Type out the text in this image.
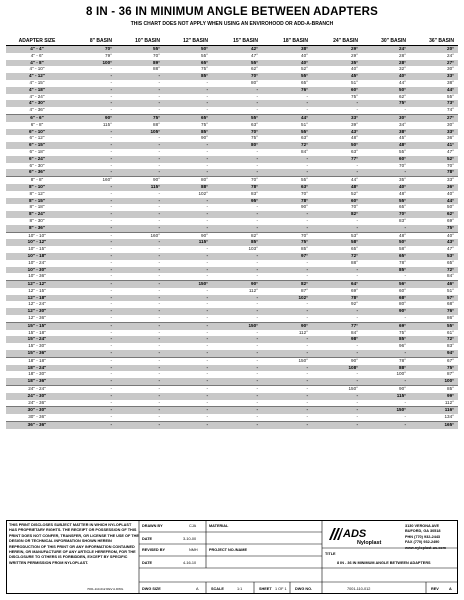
8 IN - 36 IN MINIMUM ANGLE BETWEEN ADAPTERS
THIS CHART DOES NOT APPLY WHEN USING AN ENVIROHOOD OR ADD-A-BRANCH
ADAPTER SIZE	8" BASIN	10" BASIN	12" BASIN	15" BASIN	18" BASIN	24" BASIN	30" BASIN	36" BASIN
4" - 4"	70°	55°	50°	42°	38°	29°	24°	20°
4" - 6"	79°	70°	55°	47°	40°	29°	28°	24°
4" - 8"	100°	89°	65°	55°	40°	35°	28°	27°
4" - 10"	-	88°	75°	62°	52°	40°	32°	30°
4" - 12"	-	-	85°	70°	55°	45°	40°	33°
4" - 15"	-	-	-	80°	65°	51°	44°	38°
4" - 18"	-	-	-	-	76°	60°	50°	44°
4" - 24"	-	-	-	-	-	75°	62°	55°
4" - 30"	-	-	-	-	-	-	75°	73°
4" - 36"	-	-	-	-	-	-	-	74°
6" - 6"	90°	75°	65°	55°	44°	33°	30°	27°
6" - 8"	115°	88°	75°	63°	51°	39°	34°	30°
6" - 10"	-	105°	85°	70°	55°	43°	38°	33°
6" - 12"	-	-	90°	75°	63°	48°	45°	36°
6" - 15"	-	-	-	80°	72°	50°	48°	41°
6" - 18"	-	-	-	-	84°	63°	55°	47°
6" - 24"	-	-	-	-	-	77°	60°	52°
6" - 30"	-	-	-	-	-	-	70°	70°
6" - 36"	-	-	-	-	-	-	-	78°
8" - 8"	160°	90°	80°	70°	55°	44°	35°	33°
8" - 10"	-	115°	88°	78°	63°	48°	40°	36°
8" - 12"	-	-	102°	83°	70°	52°	48°	40°
8" - 15"	-	-	-	95°	78°	60°	55°	44°
8" - 18"	-	-	-	-	90°	70°	65°	50°
8" - 24"	-	-	-	-	-	82°	70°	62°
8" - 30"	-	-	-	-	-	-	83°	69°
8" - 36"	-	-	-	-	-	-	-	75°
10" - 10"	-	160°	90°	82°	70°	53°	48°	40°
10" - 12"	-	-	115°	85°	75°	58°	50°	43°
10" - 15"	-	-	-	103°	85°	65°	58°	47°
10" - 18"	-	-	-	-	97°	72°	65°	53°
10" - 24"	-	-	-	-	-	88°	78°	65°
10" - 30"	-	-	-	-	-	-	85°	72°
10" - 36"	-	-	-	-	-	-	-	84°
12" - 12"	-	-	150°	90°	82°	64°	56°	46°
12" - 15"	-	-	-	112°	87°	69°	60°	51°
12" - 18"	-	-	-	-	102°	78°	68°	57°
12" - 24"	-	-	-	-	-	92°	80°	68°
12" - 30"	-	-	-	-	-	-	90°	76°
12" - 36"	-	-	-	-	-	-	-	86°
15" - 15"	-	-	-	150°	90°	77°	69°	55°
15" - 18"	-	-	-	-	112°	84°	75°	61°
15" - 24"	-	-	-	-	-	98°	85°	72°
15" - 30"	-	-	-	-	-	-	96°	83°
15" - 36"	-	-	-	-	-	-	-	94°
18" - 18"	-	-	-	-	150°	90°	78°	67°
18" - 24"	-	-	-	-	-	108°	88°	75°
18" - 30"	-	-	-	-	-	-	100°	87°
18" - 36"	-	-	-	-	-	-	-	100°
24" - 24"	-	-	-	-	-	150°	90°	85°
24" - 30"	-	-	-	-	-	-	115°	99°
24" - 36"	-	-	-	-	-	-	-	112°
30" - 30"	-	-	-	-	-	-	150°	116°
30" - 36"	-	-	-	-	-	-	-	134°
36" - 36"	-	-	-	-	-	-	-	165°
THIS PRINT DISCLOSES SUBJECT MATTER IN WHICH NYLOPLAST HAS PROPRIETARY RIGHTS. THE RECEIPT OR POSSESSION OF THIS PRINT DOES NOT CONFER, TRANSFER, OR LICENSE THE USE OF THE DESIGN OR TECHNICAL INFORMATION SHOWN HEREIN REPRODUCTION OF THIS PRINT OR ANY INFORMATION CONTAINED HEREIN, OR MANUFACTURE OF ANY ARTICLE HEREFROM, FOR THE DISCLOSURE TO OTHERS IS FORBIDDEN, EXCEPT BY SPECIFIC WRITTEN PERMISSION FROM NYLOPLAST.
7001-110-012 REV A.DWG
DRAWN BY	CJA	MATERIAL
DATE	3-10-00
REVISED BY	NMH	PROJECT NO./NAME
DATE	4-16-10
ADS
Nyloplast
3130 VERONA AVE
BUFORD, GA 30518
PHN (770) 932-2443
FAX (770) 932-2490
www.nyloplast-us.com
TITLE
8 IN - 36 IN MINIMUM ANGLE BETWEEN ADAPTERS
DWG SIZE	A	SCALE	1:1	SHEET 1 OF 1 DWG NO.	7001-110-012	REV	A
